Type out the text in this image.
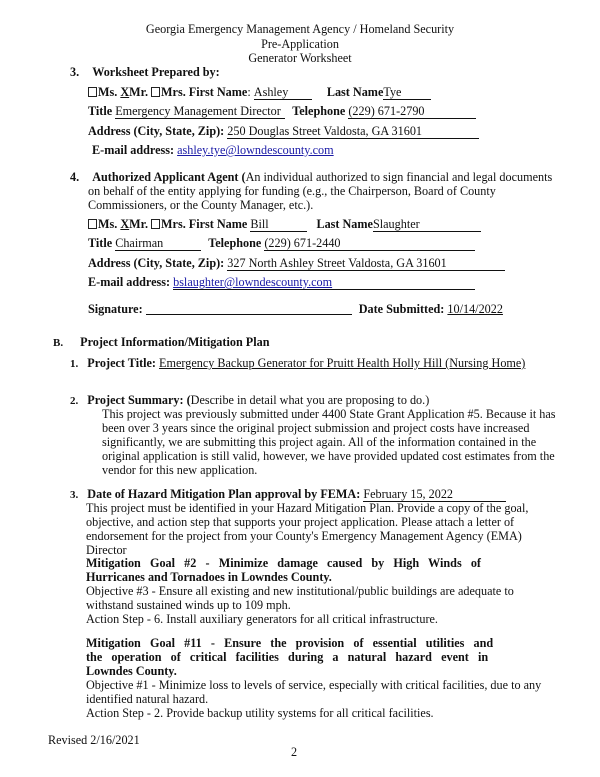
Georgia Emergency Management Agency / Homeland Security
Pre-Application
Generator Worksheet
3. Worksheet Prepared by:
Ms. XMr. Mrs. First Name: Ashley	Last NameTye
Title Emergency Management Director Telephone (229) 671-2790
Address (City, State, Zip): 250 Douglas Street Valdosta, GA 31601
E-mail address: ashley.tye@lowndescounty.com
4. Authorized Applicant Agent (An individual authorized to sign financial and legal documents
on behalf of the entity applying for funding (e.g., the Chairperson, Board of County
Commissioners, or the County Manager, etc.).
Ms. XMr. Mrs. First Name Bill	Last NameSlaughter
Title Chairman	Telephone (229) 671-2440
Address (City, State, Zip): 327 North Ashley Street Valdosta, GA 31601
E-mail address: bslaughter@lowndescounty.com
Signature:	Date Submitted: 10/14/2022
B. Project Information/Mitigation Plan
1. Project Title: Emergency Backup Generator for Pruitt Health Holly Hill (Nursing Home)
2. Project Summary: (Describe in detail what you are proposing to do.)
This project was previously submitted under 4400 State Grant Application #5. Because it has
been over 3 years since the original project submission and project costs have increased
significantly, we are submitting this project again. All of the information contained in the
original application is still valid, however, we have provided updated cost estimates from the
vendor for this new application.
3. Date of Hazard Mitigation Plan approval by FEMA: February 15, 2022
This project must be identified in your Hazard Mitigation Plan. Provide a copy of the goal,
objective, and action step that supports your project application. Please attach a letter of
endorsement for the project from your County's Emergency Management Agency (EMA)
Director
Mitigation   Goal   #2   -   Minimize   damage   caused   by   High   Winds   of
Hurricanes and Tornadoes in Lowndes County.
Objective #3 - Ensure all existing and new institutional/public buildings are adequate to
withstand sustained winds up to 109 mph.
Action Step - 6. Install auxiliary generators for all critical infrastructure.
Mitigation   Goal   #11   -   Ensure   the   provision   of   essential   utilities   and
the   operation   of   critical   facilities   during   a   natural   hazard   event   in
Lowndes County.
Objective #1 - Minimize loss to levels of service, especially with critical facilities, due to any
identified natural hazard.
Action Step - 2. Provide backup utility systems for all critical facilities.
Revised 2/16/2021
2
